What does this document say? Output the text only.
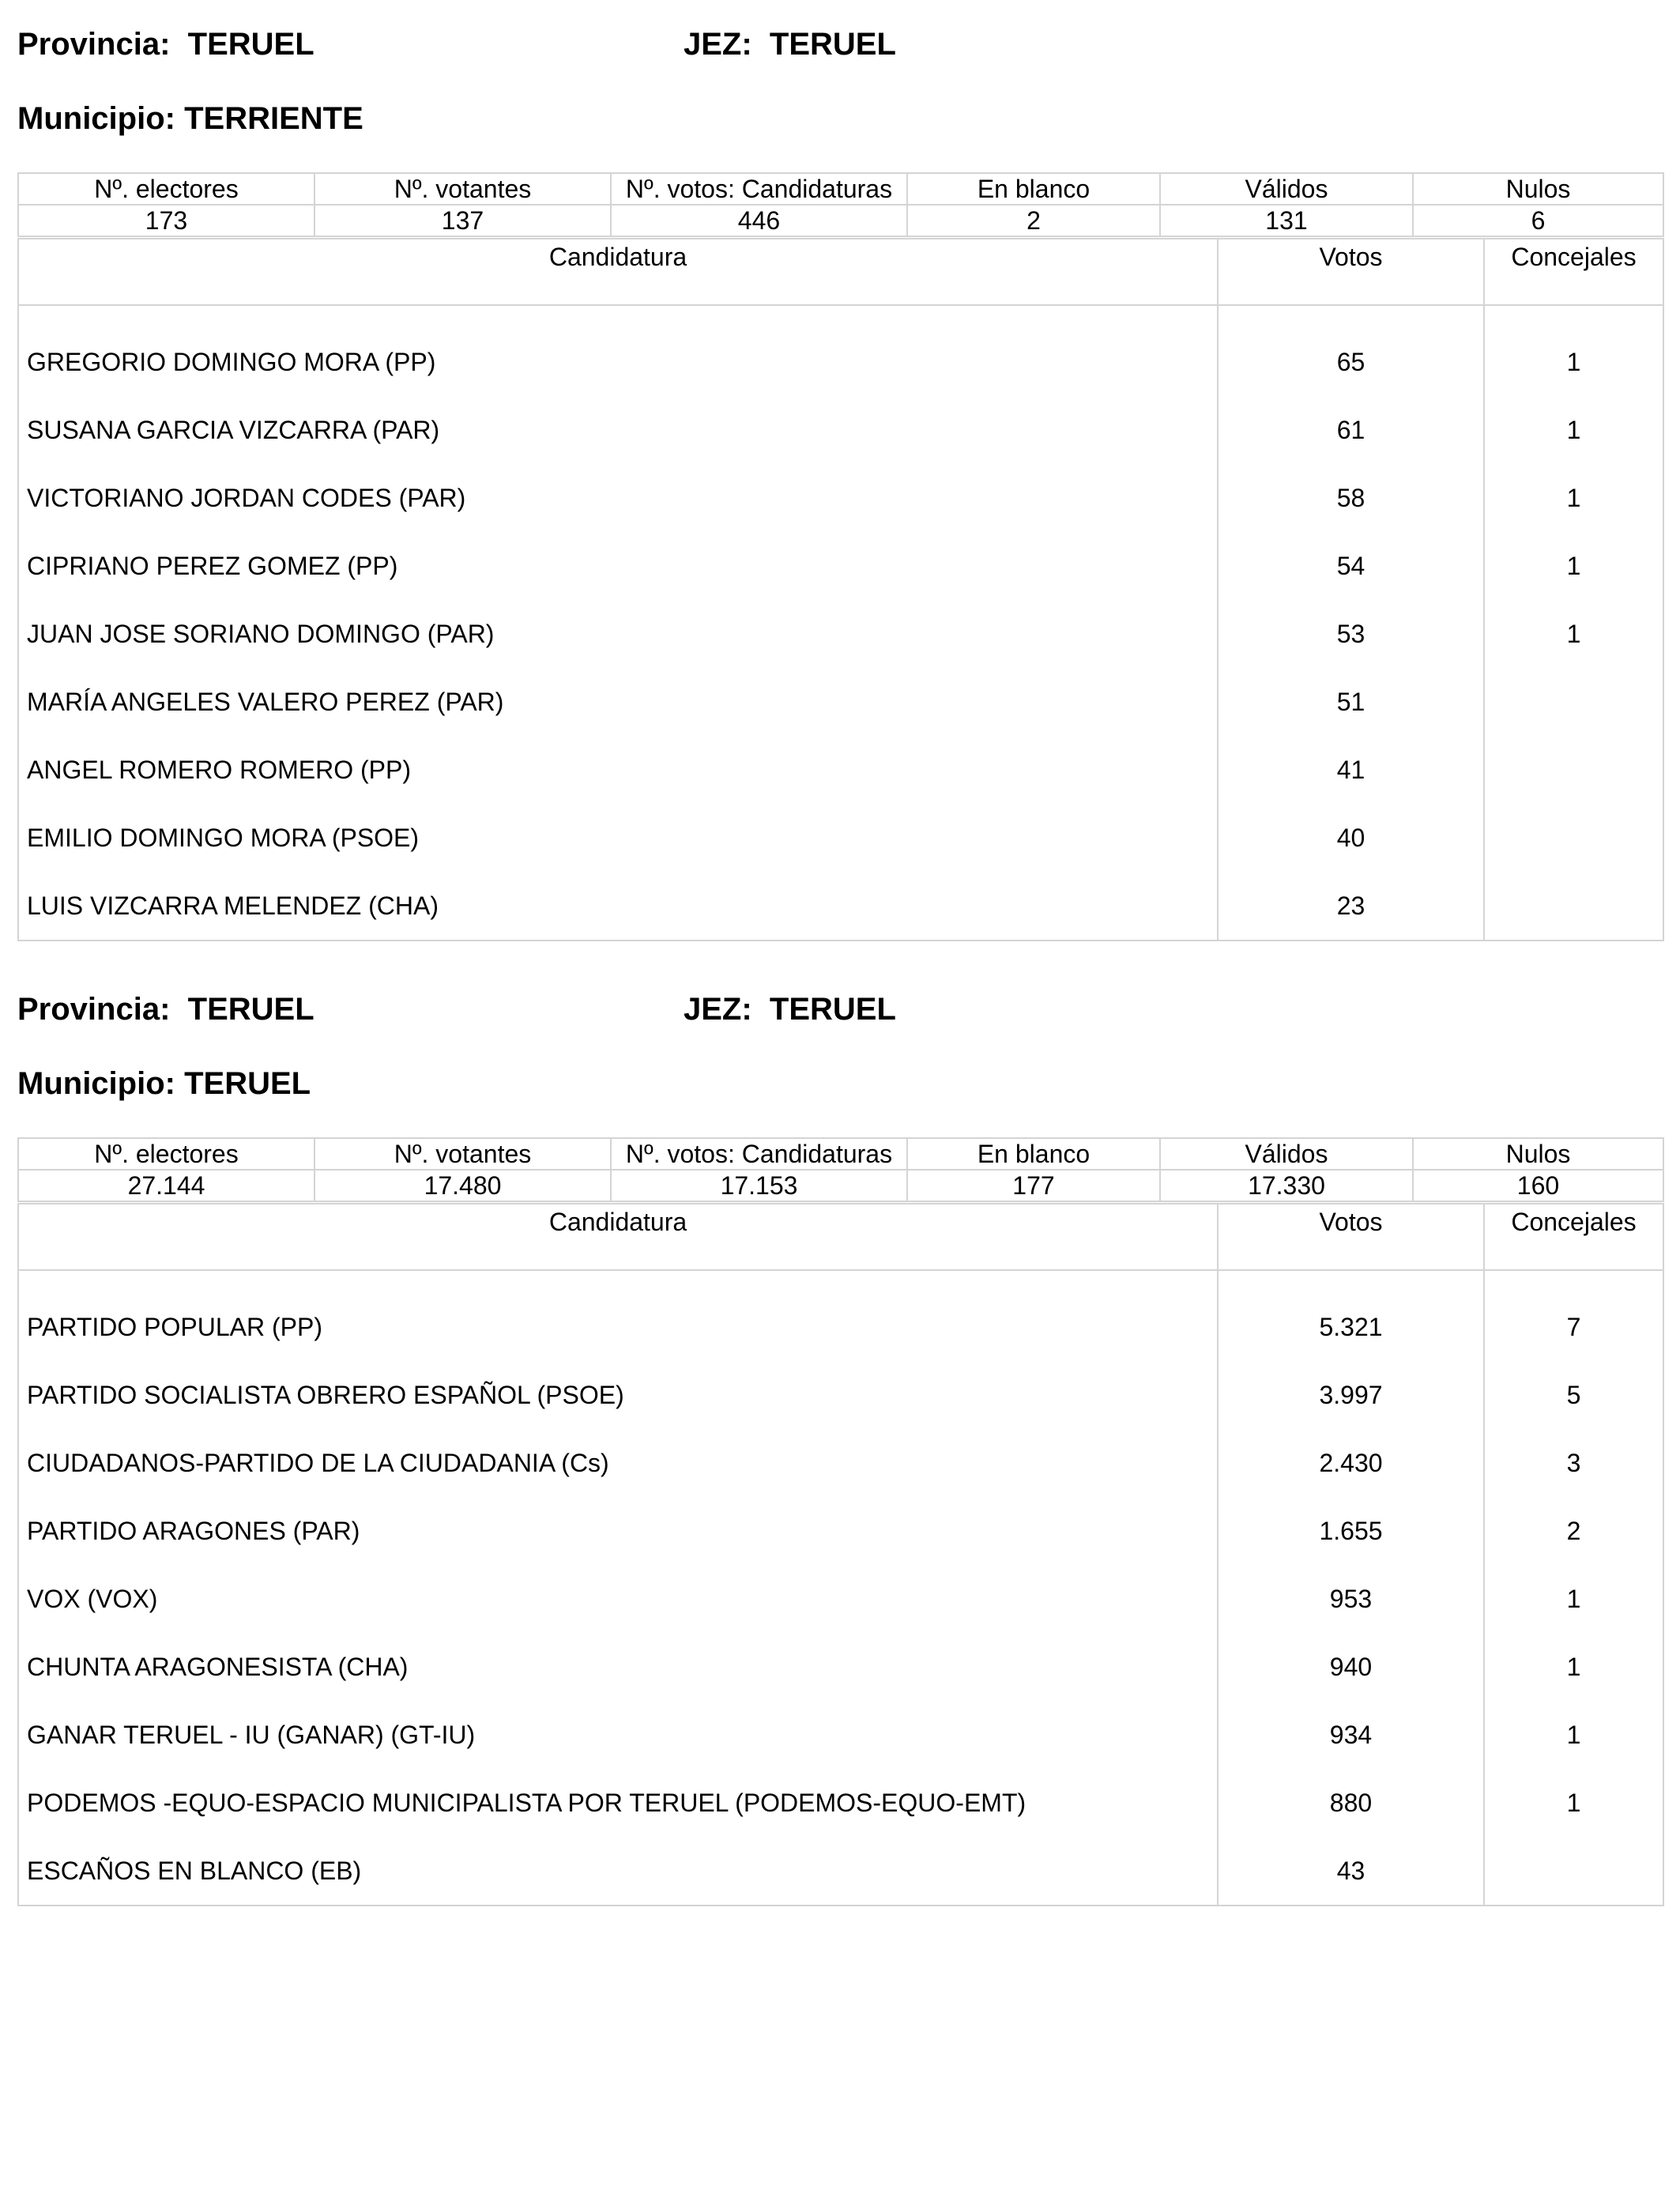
Provincia: TERUEL	JEZ: TERUEL
Municipio: TERRIENTE
Nº. electores	Nº. votantes	Nº. votos: Candidaturas	En blanco	Válidos	Nulos
173	137	446	2	131	6
Candidatura	Votos	Concejales
GREGORIO DOMINGO MORA (PP)	65	1
SUSANA GARCIA VIZCARRA (PAR)	61	1
VICTORIANO JORDAN CODES (PAR)	58	1
CIPRIANO PEREZ GOMEZ (PP)	54	1
JUAN JOSE SORIANO DOMINGO (PAR)	53	1
MARÍA ANGELES VALERO PEREZ (PAR)	51	
ANGEL ROMERO ROMERO (PP)	41	
EMILIO DOMINGO MORA (PSOE)	40	
LUIS VIZCARRA MELENDEZ (CHA)	23	
Provincia: TERUEL	JEZ: TERUEL
Municipio: TERUEL
Nº. electores	Nº. votantes	Nº. votos: Candidaturas	En blanco	Válidos	Nulos
27.144	17.480	17.153	177	17.330	160
Candidatura	Votos	Concejales
PARTIDO POPULAR (PP)	5.321	7
PARTIDO SOCIALISTA OBRERO ESPAÑOL (PSOE)	3.997	5
CIUDADANOS-PARTIDO DE LA CIUDADANIA (Cs)	2.430	3
PARTIDO ARAGONES (PAR)	1.655	2
VOX (VOX)	953	1
CHUNTA ARAGONESISTA (CHA)	940	1
GANAR TERUEL - IU (GANAR) (GT-IU)	934	1
PODEMOS -EQUO-ESPACIO MUNICIPALISTA POR TERUEL (PODEMOS-EQUO-EMT)	880	1
ESCAÑOS EN BLANCO (EB)	43	
